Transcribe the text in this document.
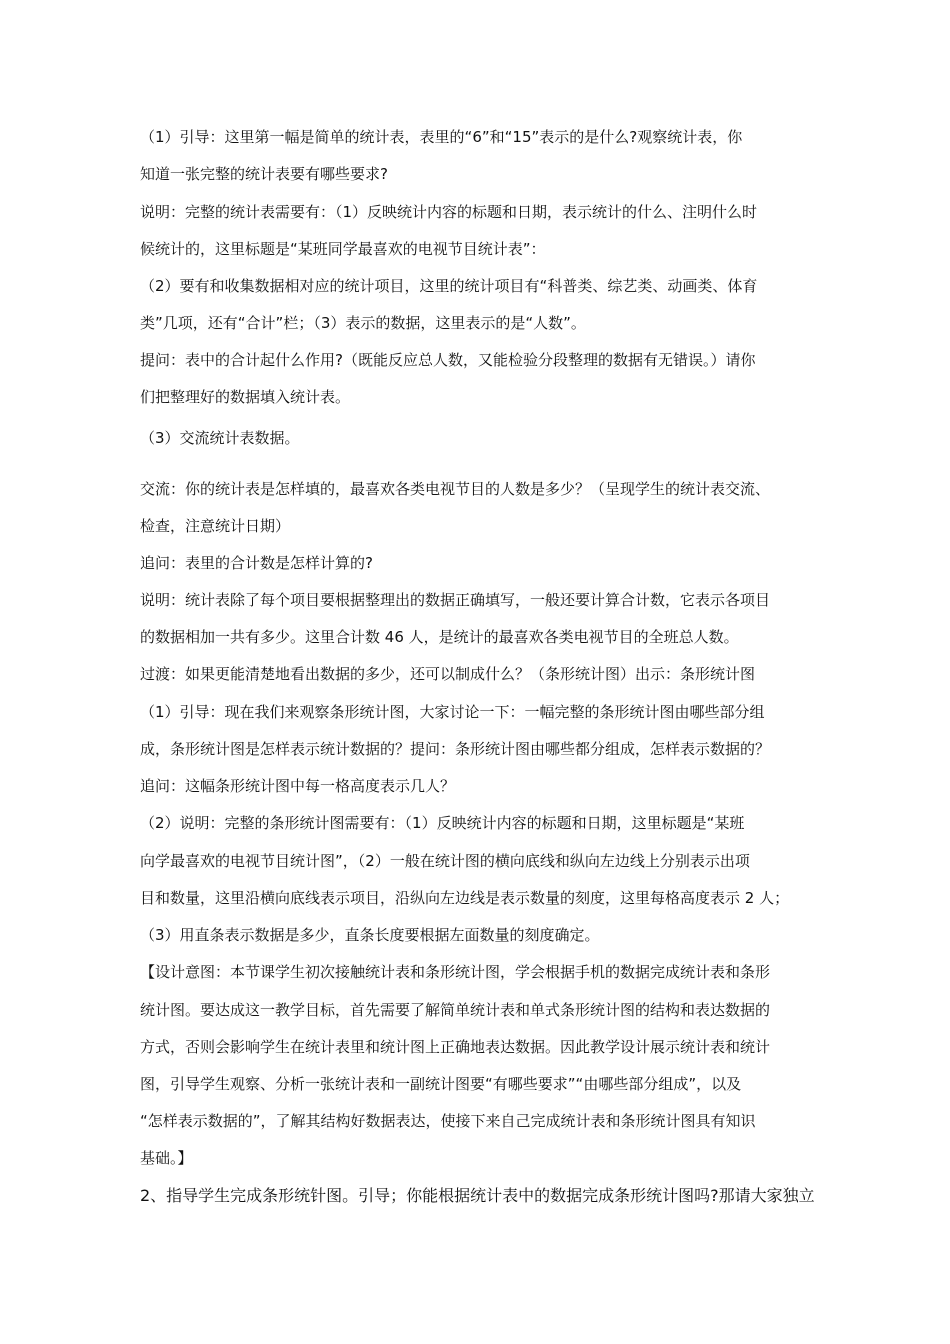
（1）引导：这里第一幅是简单的统计表，表里的“6”和“15”表示的是什么?观察统计表，你
知道一张完整的统计表要有哪些要求?
说明：完整的统计表需要有：（1）反映统计内容的标题和日期，表示统计的什么、注明什么时
候统计的，这里标题是“某班同学最喜欢的电视节目统计表”：
（2）要有和收集数据相对应的统计项目，这里的统计项目有“科普类、综艺类、动画类、体育
类”几项，还有“合计”栏；（3）表示的数据，这里表示的是“人数”。
提问：表中的合计起什么作用?（既能反应总人数，又能检验分段整理的数据有无错误。）请你
们把整理好的数据填入统计表。
（3）交流统计表数据。
交流：你的统计表是怎样填的，最喜欢各类电视节目的人数是多少？（呈现学生的统计表交流、
检查，注意统计日期）
追问：表里的合计数是怎样计算的?
说明：统计表除了每个项目要根据整理出的数据正确填写，一般还要计算合计数，它表示各项目
的数据相加一共有多少。这里合计数 46 人，是统计的最喜欢各类电视节目的全班总人数。
过渡：如果更能清楚地看出数据的多少，还可以制成什么？（条形统计图）出示：条形统计图
（1）引导：现在我们来观察条形统计图，大家讨论一下：一幅完整的条形统计图由哪些部分组
成，条形统计图是怎样表示统计数据的？提问：条形统计图由哪些都分组成，怎样表示数据的？
追问：这幅条形统计图中每一格高度表示几人？
（2）说明：完整的条形统计图需要有：（1）反映统计内容的标题和日期，这里标题是“某班
向学最喜欢的电视节目统计图”，（2）一般在统计图的横向底线和纵向左边线上分别表示出项
目和数量，这里沿横向底线表示项目，沿纵向左边线是表示数量的刻度，这里每格高度表示 2 人；
（3）用直条表示数据是多少，直条长度要根据左面数量的刻度确定。
【设计意图：本节课学生初次接触统计表和条形统计图，学会根据手机的数据完成统计表和条形
统计图。要达成这一教学目标，首先需要了解简单统计表和单式条形统计图的结构和表达数据的
方式，否则会影响学生在统计表里和统计图上正确地表达数据。因此教学设计展示统计表和统计
图，引导学生观察、分析一张统计表和一副统计图要“有哪些要求”“由哪些部分组成”，以及
“怎样表示数据的”，了解其结构好数据表达，使接下来自己完成统计表和条形统计图具有知识
基础。】
2、指导学生完成条形统针图。引导；你能根据统计表中的数据完成条形统计图吗?那请大家独立
